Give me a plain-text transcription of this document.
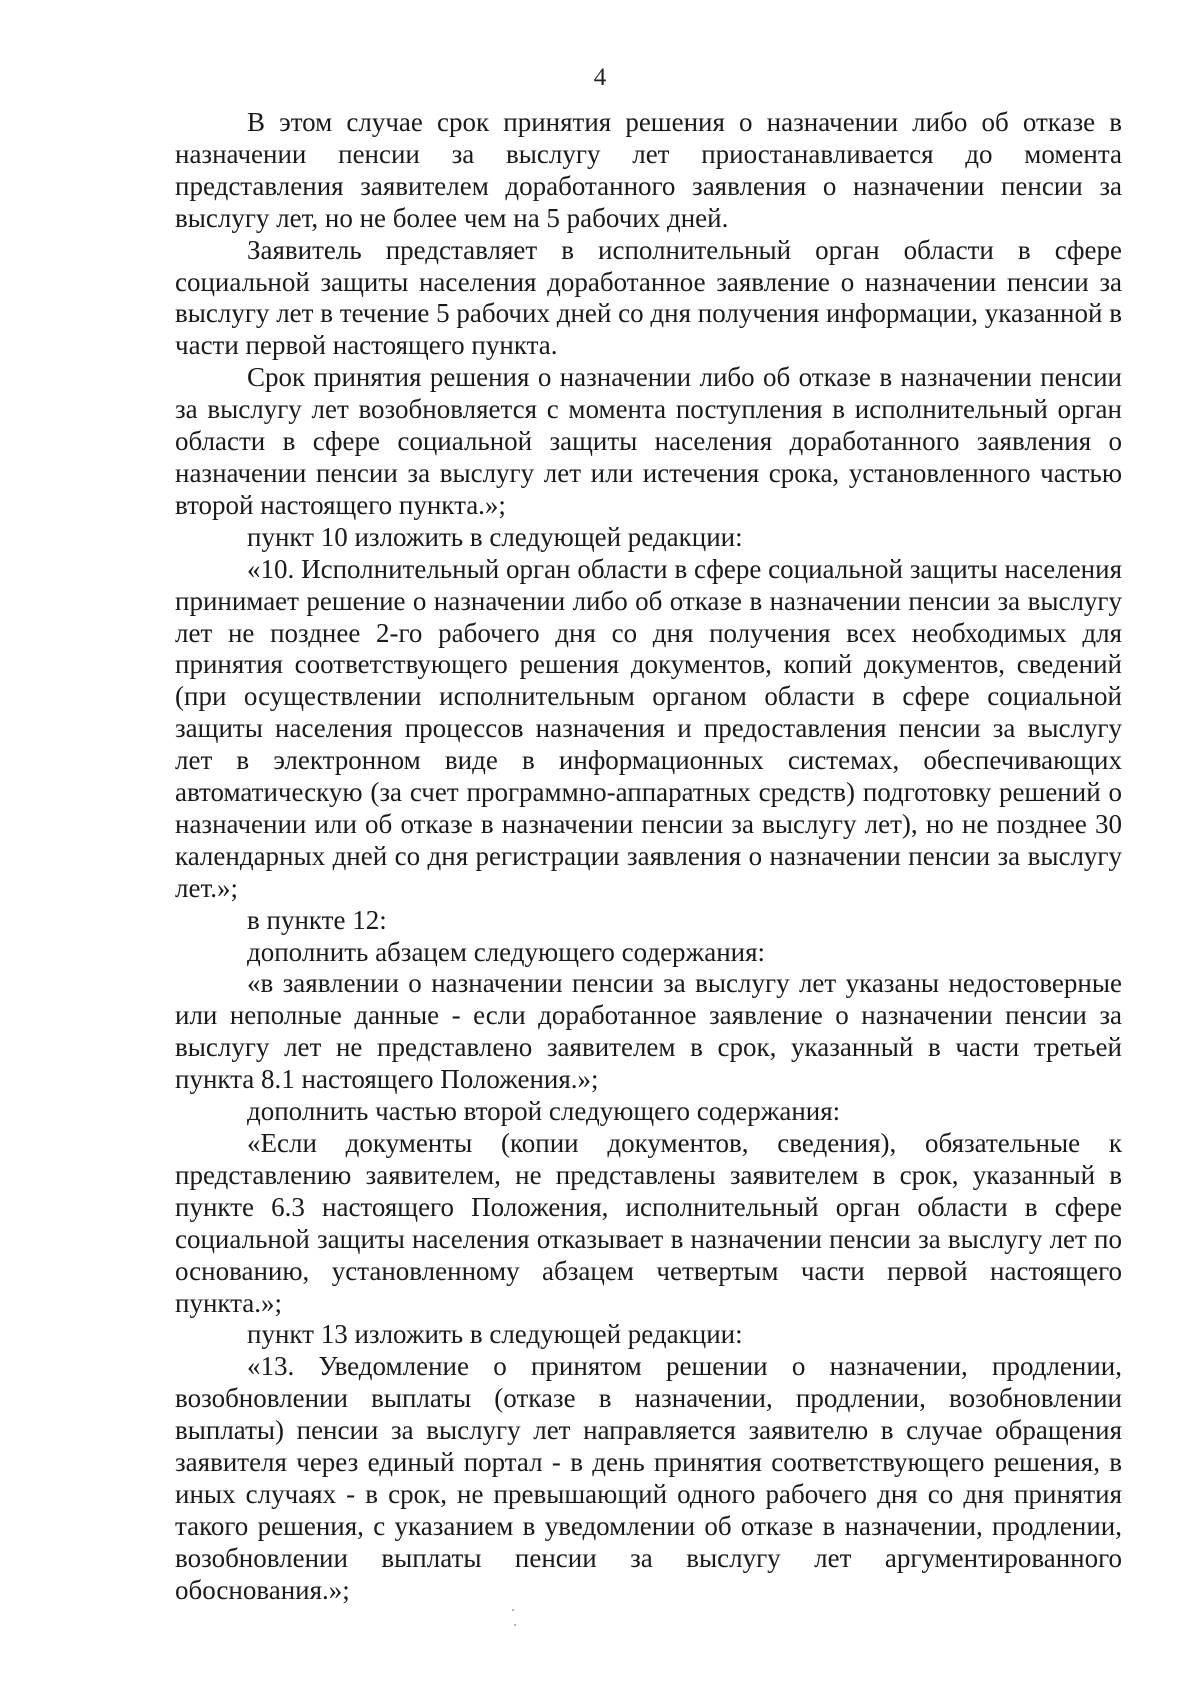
4

В этом случае срок принятия решения о назначении либо об отказе в назначении пенсии за выслугу лет приостанавливается до момента представления заявителем доработанного заявления о назначении пенсии за выслугу лет, но не более чем на 5 рабочих дней.

Заявитель представляет в исполнительный орган области в сфере социальной защиты населения доработанное заявление о назначении пенсии за выслугу лет в течение 5 рабочих дней со дня получения информации, указанной в части первой настоящего пункта.

Срок принятия решения о назначении либо об отказе в назначении пенсии за выслугу лет возобновляется с момента поступления в исполнительный орган области в сфере социальной защиты населения доработанного заявления о назначении пенсии за выслугу лет или истечения срока, установленного частью второй настоящего пункта.»;

пункт 10 изложить в следующей редакции:

«10. Исполнительный орган области в сфере социальной защиты населения принимает решение о назначении либо об отказе в назначении пенсии за выслугу лет не позднее 2-го рабочего дня со дня получения всех необходимых для принятия соответствующего решения документов, копий документов, сведений (при осуществлении исполнительным органом области в сфере социальной защиты населения процессов назначения и предоставления пенсии за выслугу лет в электронном виде в информационных системах, обеспечивающих автоматическую (за счет программно-аппаратных средств) подготовку решений о назначении или об отказе в назначении пенсии за выслугу лет), но не позднее 30 календарных дней со дня регистрации заявления о назначении пенсии за выслугу лет.»;

в пункте 12:

дополнить абзацем следующего содержания:

«в заявлении о назначении пенсии за выслугу лет указаны недостоверные или неполные данные - если доработанное заявление о назначении пенсии за выслугу лет не представлено заявителем в срок, указанный в части третьей пункта 8.1 настоящего Положения.»;

дополнить частью второй следующего содержания:

«Если документы (копии документов, сведения), обязательные к представлению заявителем, не представлены заявителем в срок, указанный в пункте 6.3 настоящего Положения, исполнительный орган области в сфере социальной защиты населения отказывает в назначении пенсии за выслугу лет по основанию, установленному абзацем четвертым части первой настоящего пункта.»;

пункт 13 изложить в следующей редакции:

«13. Уведомление о принятом решении о назначении, продлении, возобновлении выплаты (отказе в назначении, продлении, возобновлении выплаты) пенсии за выслугу лет направляется заявителю в случае обращения заявителя через единый портал - в день принятия соответствующего решения, в иных случаях - в срок, не превышающий одного рабочего дня со дня принятия такого решения, с указанием в уведомлении об отказе в назначении, продлении, возобновлении выплаты пенсии за выслугу лет аргументированного обоснования.»;
